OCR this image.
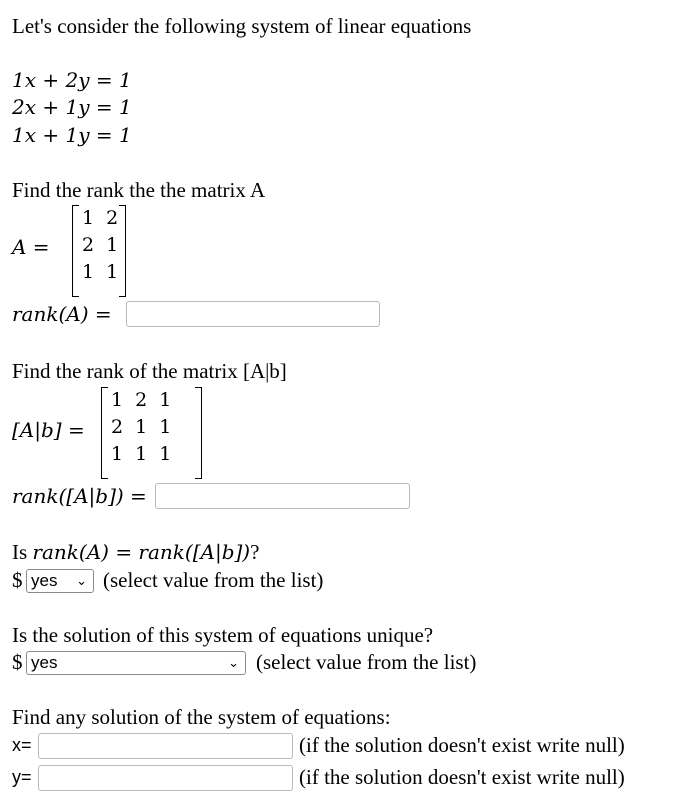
Let's consider the following system of linear equations
1x + 2y = 1
2x + 1y = 1
1x + 1y = 1
Find the rank the the matrix A
A =
1	2
2	1
1	1
rank(A) =
Find the rank of the matrix [A|b]
[A|b] =
1	2	1
2	1	1
1	1	1
rank([A|b]) =
Is rank(A) = rank([A|b])?
$ yes ⌄ (select value from the list)
Is the solution of this system of equations unique?
$ yes	⌄ (select value from the list)
Find any solution of the system of equations:
x=	(if the solution doesn't exist write null)
y=	(if the solution doesn't exist write null)
